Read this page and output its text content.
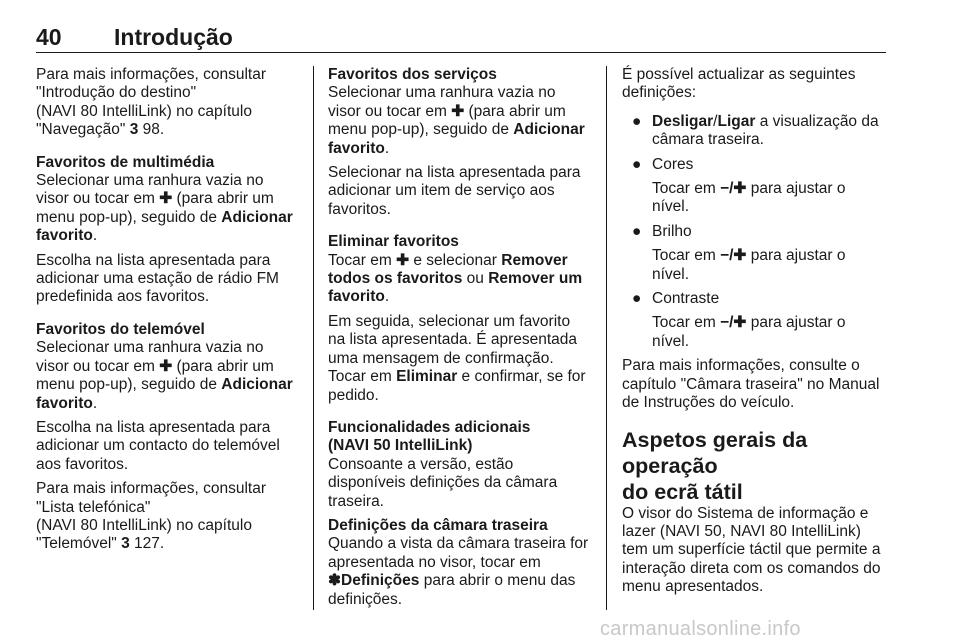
40 Introdução

Para mais informações, consultar
"Introdução do destino"
(NAVI 80 IntelliLink) no capítulo
"Navegação" 3 98.

Favoritos de multimédia

Selecionar uma ranhura vazia no
visor ou tocar em ✚ (para abrir um
menu pop-up), seguido de Adicionar
favorito.

Escolha na lista apresentada para
adicionar uma estação de rádio FM
predefinida aos favoritos.

Favoritos do telemóvel

Selecionar uma ranhura vazia no
visor ou tocar em ✚ (para abrir um
menu pop-up), seguido de Adicionar
favorito.

Escolha na lista apresentada para
adicionar um contacto do telemóvel
aos favoritos.

Para mais informações, consultar
"Lista telefónica"
(NAVI 80 IntelliLink) no capítulo
"Telemóvel" 3 127.

Favoritos dos serviços

Selecionar uma ranhura vazia no
visor ou tocar em ✚ (para abrir um
menu pop-up), seguido de Adicionar
favorito.

Selecionar na lista apresentada para
adicionar um item de serviço aos
favoritos.

Eliminar favoritos

Tocar em ✚ e selecionar Remover
todos os favoritos ou Remover um
favorito.

Em seguida, selecionar um favorito
na lista apresentada. É apresentada
uma mensagem de confirmação.
Tocar em Eliminar e confirmar, se for
pedido.

Funcionalidades adicionais
(NAVI 50 IntelliLink)

Consoante a versão, estão
disponíveis definições da câmara
traseira.

Definições da câmara traseira

Quando a vista da câmara traseira for
apresentada no visor, tocar em
✽Definições para abrir o menu das
definições.

É possível actualizar as seguintes
definições:

● Desligar/Ligar a visualização da
câmara traseira.
● Cores
Tocar em −/✚ para ajustar o
nível.
● Brilho
Tocar em −/✚ para ajustar o
nível.
● Contraste
Tocar em −/✚ para ajustar o
nível.

Para mais informações, consulte o
capítulo "Câmara traseira" no Manual
de Instruções do veículo.

Aspetos gerais da operação
do ecrã tátil

O visor do Sistema de informação e
lazer (NAVI 50, NAVI 80 IntelliLink)
tem um superfície táctil que permite a
interação direta com os comandos do
menu apresentados.

carmanualsonline.info
